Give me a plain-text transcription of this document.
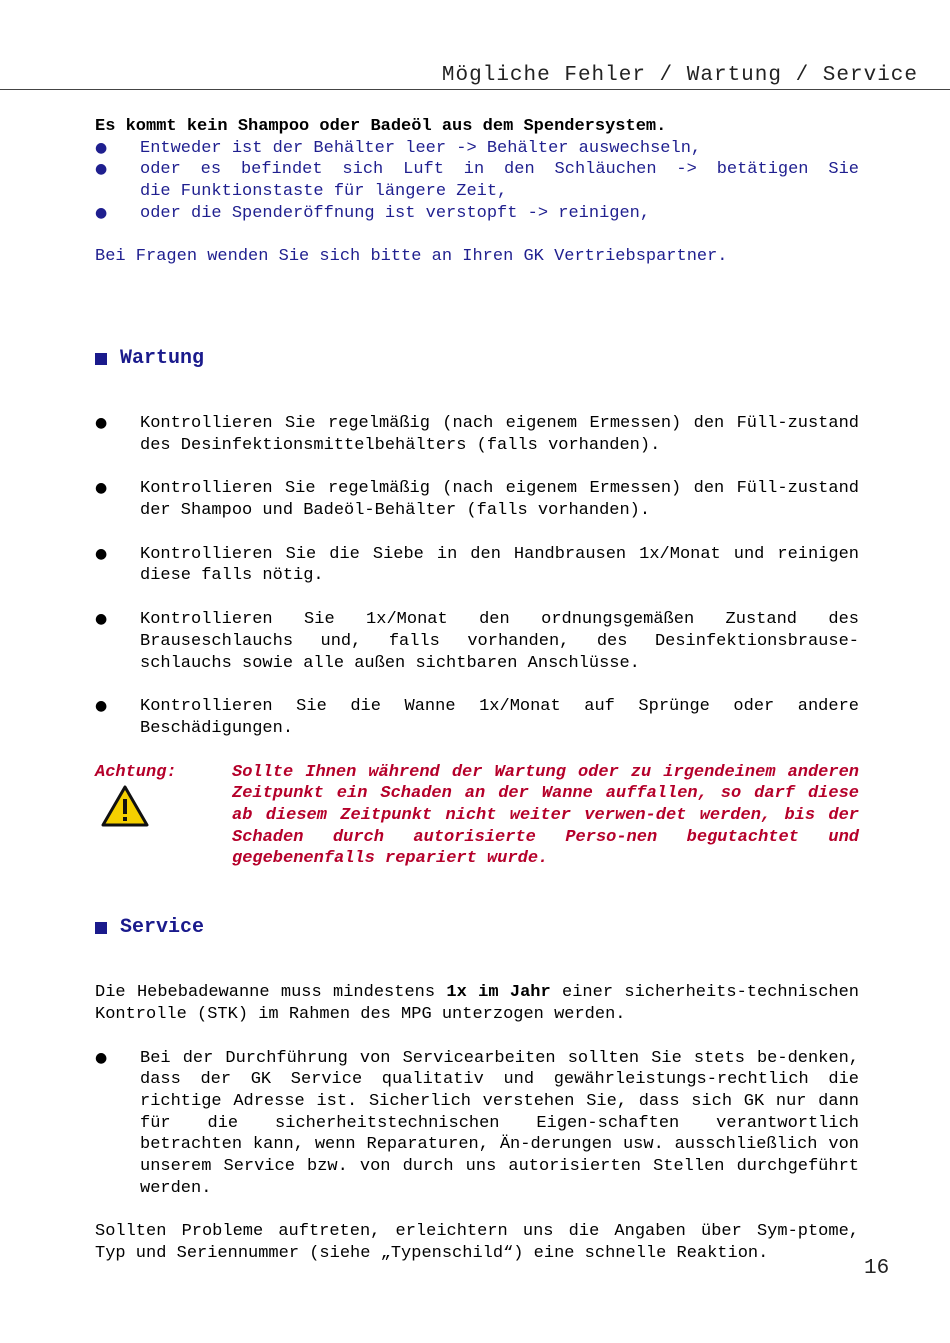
Mögliche Fehler / Wartung / Service

Es kommt kein Shampoo oder Badeöl aus dem Spendersystem.

● Entweder ist der Behälter leer -> Behälter auswechseln,
● oder es befindet sich Luft in den Schläuchen -> betätigen Sie
die Funktionstaste für längere Zeit,
● oder die Spenderöffnung ist verstopft -> reinigen,

Bei Fragen wenden Sie sich bitte an Ihren GK Vertriebspartner.

Wartung
● Kontrollieren Sie regelmäßig (nach eigenem Ermessen) den Füll-zustand des Desinfektionsmittelbehälters (falls vorhanden).
● Kontrollieren Sie regelmäßig (nach eigenem Ermessen) den Füll-zustand der Shampoo und Badeöl-Behälter (falls vorhanden).
● Kontrollieren Sie die Siebe in den Handbrausen 1x/Monat und reinigen diese falls nötig.
● Kontrollieren Sie 1x/Monat den ordnungsgemäßen Zustand des Brauseschlauchs und, falls vorhanden, des Desinfektionsbrause-schlauchs sowie alle außen sichtbaren Anschlüsse.
● Kontrollieren Sie die Wanne 1x/Monat auf Sprünge oder andere Beschädigungen.
Achtung:	Sollte Ihnen während der Wartung oder zu irgendeinem anderen Zeitpunkt ein Schaden an der Wanne auffallen, so darf diese ab diesem Zeitpunkt nicht weiter verwen-det werden, bis der Schaden durch autorisierte Perso-nen begutachtet und gegebenenfalls repariert wurde.
Service

Die Hebebadewanne muss mindestens 1x im Jahr einer sicherheits-technischen Kontrolle (STK) im Rahmen des MPG unterzogen werden.

● Bei der Durchführung von Servicearbeiten sollten Sie stets be-denken, dass der GK Service qualitativ und gewährleistungs-rechtlich die richtige Adresse ist. Sicherlich verstehen Sie, dass sich GK nur dann für die sicherheitstechnischen Eigen-schaften verantwortlich betrachten kann, wenn Reparaturen, Än-derungen usw. ausschließlich von unserem Service bzw. von durch uns autorisierten Stellen durchgeführt werden.

Sollten Probleme auftreten, erleichtern uns die Angaben über Sym-ptome, Typ und Seriennummer (siehe „Typenschild“) eine schnelle Reaktion.

16
